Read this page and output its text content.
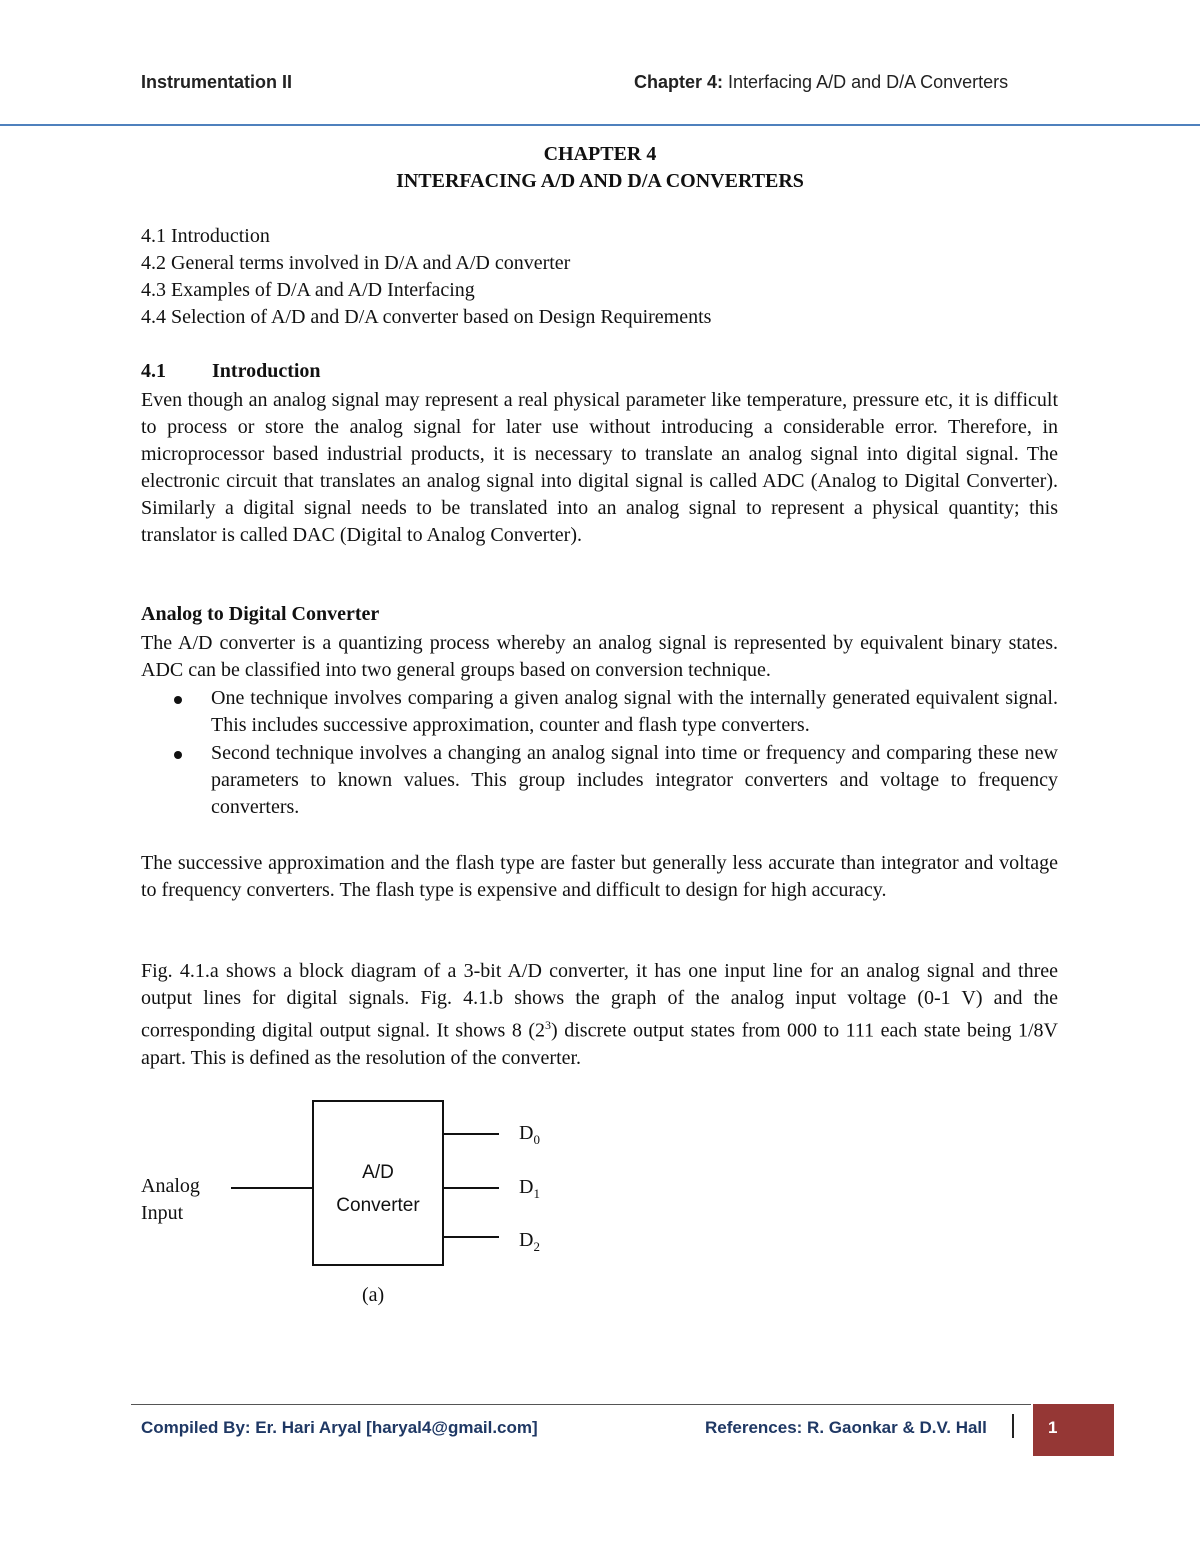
Instrumentation II	Chapter 4: Interfacing A/D and D/A Converters
CHAPTER 4
INTERFACING A/D AND D/A CONVERTERS
4.1 Introduction
4.2 General terms involved in D/A and A/D converter
4.3 Examples of D/A and A/D Interfacing
4.4 Selection of A/D and D/A converter based on Design Requirements
4.1 Introduction

Even though an analog signal may represent a real physical parameter like temperature, pressure etc, it is difficult to process or store the analog signal for later use without introducing a considerable error. Therefore, in microprocessor based industrial products, it is necessary to translate an analog signal into digital signal. The electronic circuit that translates an analog signal into digital signal is called ADC (Analog to Digital Converter). Similarly a digital signal needs to be translated into an analog signal to represent a physical quantity; this translator is called DAC (Digital to Analog Converter).

Analog to Digital Converter

The A/D converter is a quantizing process whereby an analog signal is represented by equivalent binary states. ADC can be classified into two general groups based on conversion technique.

One technique involves comparing a given analog signal with the internally generated equivalent signal. This includes successive approximation, counter and flash type converters.
Second technique involves a changing an analog signal into time or frequency and comparing these new parameters to known values. This group includes integrator converters and voltage to frequency converters.

The successive approximation and the flash type are faster but generally less accurate than integrator and voltage to frequency converters. The flash type is expensive and difficult to design for high accuracy.

Fig. 4.1.a shows a block diagram of a 3-bit A/D converter, it has one input line for an analog signal and three output lines for digital signals. Fig. 4.1.b shows the graph of the analog input voltage (0-1 V) and the corresponding digital output signal. It shows 8 $(2^3)$ discrete output states from 000 to 111 each state being 1/8V apart. This is defined as the resolution of the converter.

Analog
Input
A/D
Converter
$D_0$
$D_1$
$D_2$
(a)
Compiled By: Er. Hari Aryal [haryal4@gmail.com]	References: R. Gaonkar & D.V. Hall	1
